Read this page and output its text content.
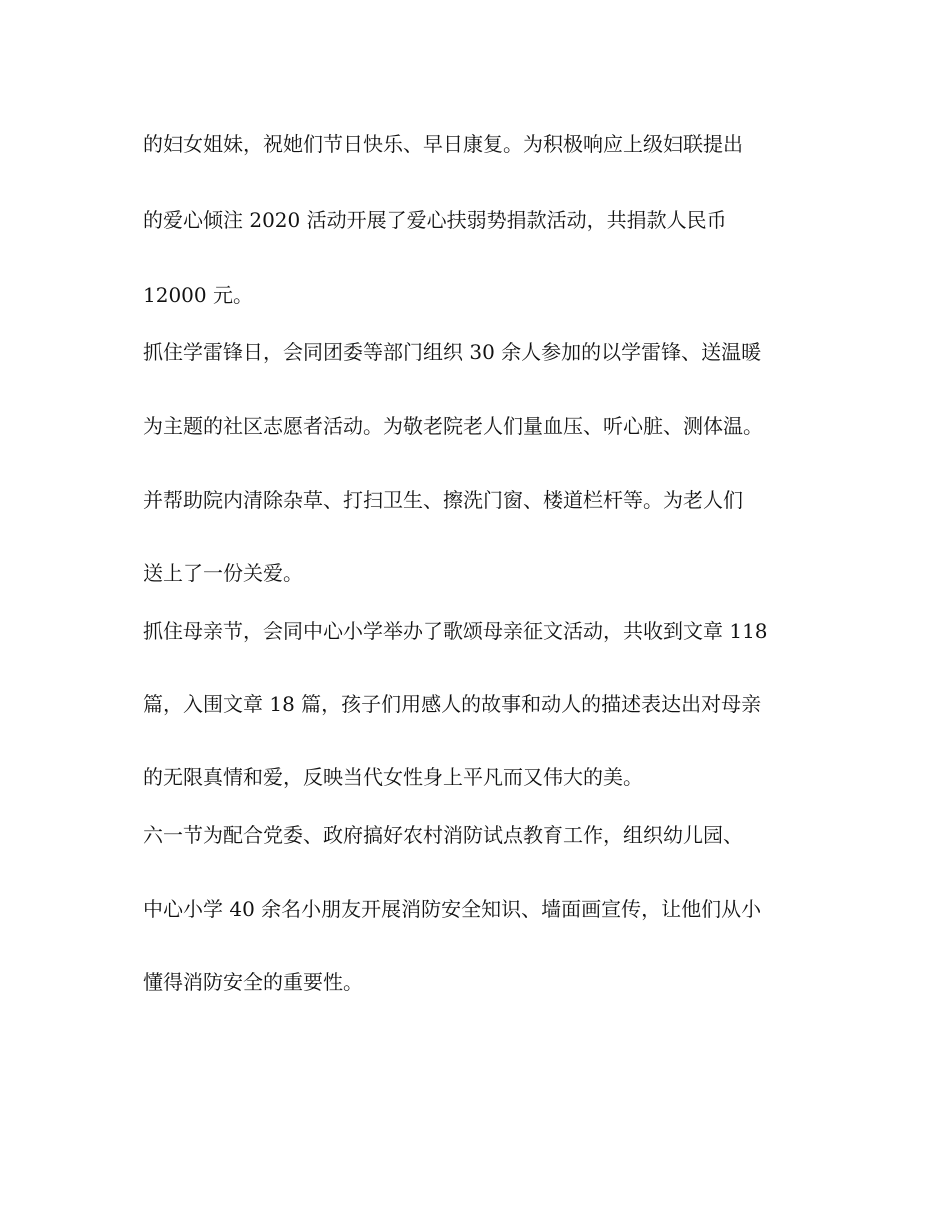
的妇女姐妹，祝她们节日快乐、早日康复。为积极响应上级妇联提出
的爱心倾注 2020 活动开展了爱心扶弱势捐款活动，共捐款人民币
12000 元。
抓住学雷锋日，会同团委等部门组织 30 余人参加的以学雷锋、送温暖
为主题的社区志愿者活动。为敬老院老人们量血压、听心脏、测体温。
并帮助院内清除杂草、打扫卫生、擦洗门窗、楼道栏杆等。为老人们
送上了一份关爱。
抓住母亲节，会同中心小学举办了歌颂母亲征文活动，共收到文章 118
篇，入围文章 18 篇，孩子们用感人的故事和动人的描述表达出对母亲
的无限真情和爱，反映当代女性身上平凡而又伟大的美。
六一节为配合党委、政府搞好农村消防试点教育工作，组织幼儿园、
中心小学 40 余名小朋友开展消防安全知识、墙面画宣传，让他们从小
懂得消防安全的重要性。
